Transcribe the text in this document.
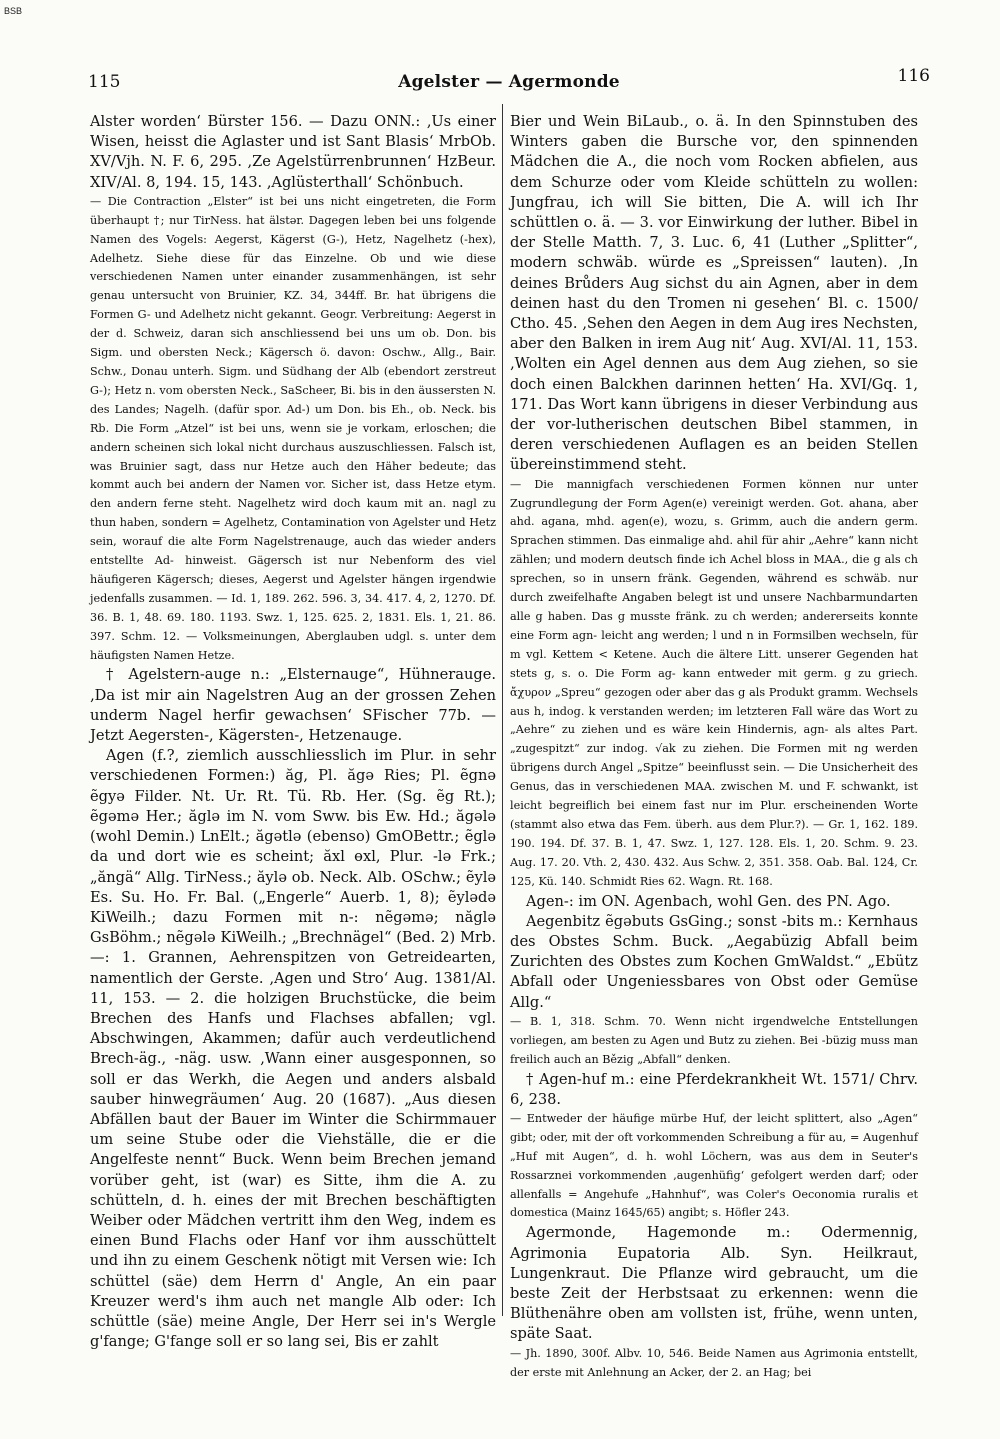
BSB
115	Agelster — Agermonde	116

Alster worden‘ Bürster 156. — Dazu ONN.: ‚Us einer Wisen, heisst die Aglaster und ist Sant Blasis‘ MrbOb. XV/Vjh. N. F. 6, 295. ‚Ze Agelstürrenbrunnen‘ HzBeur. XIV/Al. 8, 194. 15, 143. ‚Aglüsterthall‘ Schönbuch.

— Die Contraction „Elster“ ist bei uns nicht eingetreten, die Form überhaupt †; nur TirNess. hat älstər. Dagegen leben bei uns folgende Namen des Vogels: Aegerst, Kägerst (G-), Hetz, Nagelhetz (-hex), Adelhetz. Siehe diese für das Einzelne. Ob und wie diese verschiedenen Namen unter einander zusammenhängen, ist sehr genau untersucht von Bruinier, KZ. 34, 344ff. Br. hat übrigens die Formen G- und Adelhetz nicht gekannt. Geogr. Verbreitung: Aegerst in der d. Schweiz, daran sich anschliessend bei uns um ob. Don. bis Sigm. und obersten Neck.; Kägersch ö. davon: Oschw., Allg., Bair. Schw., Donau unterh. Sigm. und Südhang der Alb (ebendort zerstreut G-); Hetz n. vom obersten Neck., SaScheer, Bi. bis in den äussersten N. des Landes; Nagelh. (dafür spor. Ad-) um Don. bis Eh., ob. Neck. bis Rb. Die Form „Atzel“ ist bei uns, wenn sie je vorkam, erloschen; die andern scheinen sich lokal nicht durchaus auszuschliessen. Falsch ist, was Bruinier sagt, dass nur Hetze auch den Häher bedeute; das kommt auch bei andern der Namen vor. Sicher ist, dass Hetze etym. den andern ferne steht. Nagelhetz wird doch kaum mit an. nagl zu thun haben, sondern = Agelhetz, Contamination von Agelster und Hetz sein, worauf die alte Form Nagelstrenauge, auch das wieder anders entstellte Ad- hinweist. Gägersch ist nur Nebenform des viel häufigeren Kägersch; dieses, Aegerst und Agelster hängen irgendwie jedenfalls zusammen. — Id. 1, 189. 262. 596. 3, 34. 417. 4, 2, 1270. Df. 36. B. 1, 48. 69. 180. 1193. Swz. 1, 125. 625. 2, 1831. Els. 1, 21. 86. 397. Schm. 12. — Volksmeinungen, Aberglauben udgl. s. unter dem häufigsten Namen Hetze.

† Agelstern-auge n.: „Elsternauge“, Hühnerauge. ‚Da ist mir ain Nagelstren Aug an der grossen Zehen underm Nagel herfir gewachsen‘ SFischer 77b. — Jetzt Aegersten-, Kägersten-, Hetzenauge.

Agen (f.?, ziemlich ausschliesslich im Plur. in sehr verschiedenen Formen:) ăg, Pl. ăgə Ries; Pl. ẽgnə ẽgyə Filder. Nt. Ur. Rt. Tü. Rb. Her. (Sg. ẽg Rt.); ẽgəmə Her.; ăglə im N. vom Sww. bis Ew. Hd.; ăgələ (wohl Demin.) LnElt.; ăgətlə (ebenso) GmOBettr.; ẽglə da und dort wie es scheint; ăxl ɵxl, Plur. -lə Frk.; „ăngä“ Allg. TirNess.; ăylə ob. Neck. Alb. OSchw.; ẽylə Es. Su. Ho. Fr. Bal. („Engerle“ Auerb. 1, 8); ẽylədə KiWeilh.; dazu Formen mit n-: nẽgəmə; năglə GsBöhm.; nẽgələ KiWeilh.; „Brechnägel“ (Bed. 2) Mrb. —: 1. Grannen, Aehrenspitzen von Getreidearten, namentlich der Gerste. ‚Agen und Stro‘ Aug. 1381/Al. 11, 153. — 2. die holzigen Bruchstücke, die beim Brechen des Hanfs und Flachses abfallen; vgl. Abschwingen, Akammen; dafür auch verdeutlichend Brech-äg., -näg. usw. ‚Wann einer ausgesponnen, so soll er das Werkh, die Aegen und anders alsbald sauber hinwegräumen‘ Aug. 20 (1687). „Aus diesen Abfällen baut der Bauer im Winter die Schirmmauer um seine Stube oder die Viehställe, die er die Angelfeste nennt“ Buck. Wenn beim Brechen jemand vorüber geht, ist (war) es Sitte, ihm die A. zu schütteln, d. h. eines der mit Brechen beschäftigten Weiber oder Mädchen vertritt ihm den Weg, indem es einen Bund Flachs oder Hanf vor ihm ausschüttelt und ihn zu einem Geschenk nötigt mit Versen wie: Ich schüttel (säe) dem Herrn d' Angle, An ein paar Kreuzer werd's ihm auch net mangle Alb oder: Ich schüttle (säe) meine Angle, Der Herr sei in's Wergle g'fange; G'fange soll er so lang sei, Bis er zahlt

Bier und Wein BiLaub., o. ä. In den Spinnstuben des Winters gaben die Bursche vor, den spinnenden Mädchen die A., die noch vom Rocken abfielen, aus dem Schurze oder vom Kleide schütteln zu wollen: Jungfrau, ich will Sie bitten, Die A. will ich Ihr schüttlen o. ä. — 3. vor Einwirkung der luther. Bibel in der Stelle Matth. 7, 3. Luc. 6, 41 (Luther „Splitter“, modern schwäb. würde es „Spreissen“ lauten). ‚In deines Brůders Aug sichst du ain Agnen, aber in dem deinen hast du den Tromen ni gesehen‘ Bl. c. 1500/ Ctho. 45. ‚Sehen den Aegen in dem Aug ires Nechsten, aber den Balken in irem Aug nit‘ Aug. XVI/Al. 11, 153. ‚Wolten ein Agel dennen aus dem Aug ziehen, so sie doch einen Balckhen darinnen hetten‘ Ha. XVI/Gq. 1, 171. Das Wort kann übrigens in dieser Verbindung aus der vor-lutherischen deutschen Bibel stammen, in deren verschiedenen Auflagen es an beiden Stellen übereinstimmend steht.

— Die mannigfach verschiedenen Formen können nur unter Zugrundlegung der Form Agen(e) vereinigt werden. Got. ahana, aber ahd. agana, mhd. agen(e), wozu, s. Grimm, auch die andern germ. Sprachen stimmen. Das einmalige ahd. ahil für ahir „Aehre“ kann nicht zählen; und modern deutsch finde ich Achel bloss in MAA., die g als ch sprechen, so in unsern fränk. Gegenden, während es schwäb. nur durch zweifelhafte Angaben belegt ist und unsere Nachbarmundarten alle g haben. Das g musste fränk. zu ch werden; andererseits konnte eine Form agn- leicht ang werden; l und n in Formsilben wechseln, für m vgl. Kettem < Ketene. Auch die ältere Litt. unserer Gegenden hat stets g, s. o. Die Form ag- kann entweder mit germ. g zu griech. ἄχυρον „Spreu“ gezogen oder aber das g als Produkt gramm. Wechsels aus h, indog. k verstanden werden; im letzteren Fall wäre das Wort zu „Aehre“ zu ziehen und es wäre kein Hindernis, agn- als altes Part. „zugespitzt“ zur indog. √ak zu ziehen. Die Formen mit ng werden übrigens durch Angel „Spitze“ beeinflusst sein. — Die Unsicherheit des Genus, das in verschiedenen MAA. zwischen M. und F. schwankt, ist leicht begreiflich bei einem fast nur im Plur. erscheinenden Worte (stammt also etwa das Fem. überh. aus dem Plur.?). — Gr. 1, 162. 189. 190. 194. Df. 37. B. 1, 47. Swz. 1, 127. 128. Els. 1, 20. Schm. 9. 23. Aug. 17. 20. Vth. 2, 430. 432. Aus Schw. 2, 351. 358. Oab. Bal. 124, Cr. 125, Kü. 140. Schmidt Ries 62. Wagn. Rt. 168.

Agen-: im ON. Agenbach, wohl Gen. des PN. Ago.

Aegenbitz ẽgəbuts GsGing.; sonst -bits m.: Kernhaus des Obstes Schm. Buck. „Aegabüzig Abfall beim Zurichten des Obstes zum Kochen GmWaldst.“ „Ebütz Abfall oder Ungeniessbares von Obst oder Gemüse Allg.“

— B. 1, 318. Schm. 70. Wenn nicht irgendwelche Entstellungen vorliegen, am besten zu Agen und Butz zu ziehen. Bei -büzig muss man freilich auch an Bězig „Abfall“ denken.

† Agen-huf m.: eine Pferdekrankheit Wt. 1571/ Chrv. 6, 238.

— Entweder der häufige mürbe Huf, der leicht splittert, also „Agen“ gibt; oder, mit der oft vorkommenden Schreibung a für au, = Augenhuf „Huf mit Augen“, d. h. wohl Löchern, was aus dem in Seuter's Rossarznei vorkommenden ‚augenhüfig‘ gefolgert werden darf; oder allenfalls = Angehufe „Hahnhuf“, was Coler's Oeconomia ruralis et domestica (Mainz 1645/65) angibt; s. Höfler 243.

Agermonde, Hagemonde m.: Odermennig, Agrimonia Eupatoria Alb. Syn. Heilkraut, Lungenkraut. Die Pflanze wird gebraucht, um die beste Zeit der Herbstsaat zu erkennen: wenn die Blüthenähre oben am vollsten ist, frühe, wenn unten, späte Saat.

— Jh. 1890, 300f. Albv. 10, 546. Beide Namen aus Agrimonia entstellt, der erste mit Anlehnung an Acker, der 2. an Hag; bei
